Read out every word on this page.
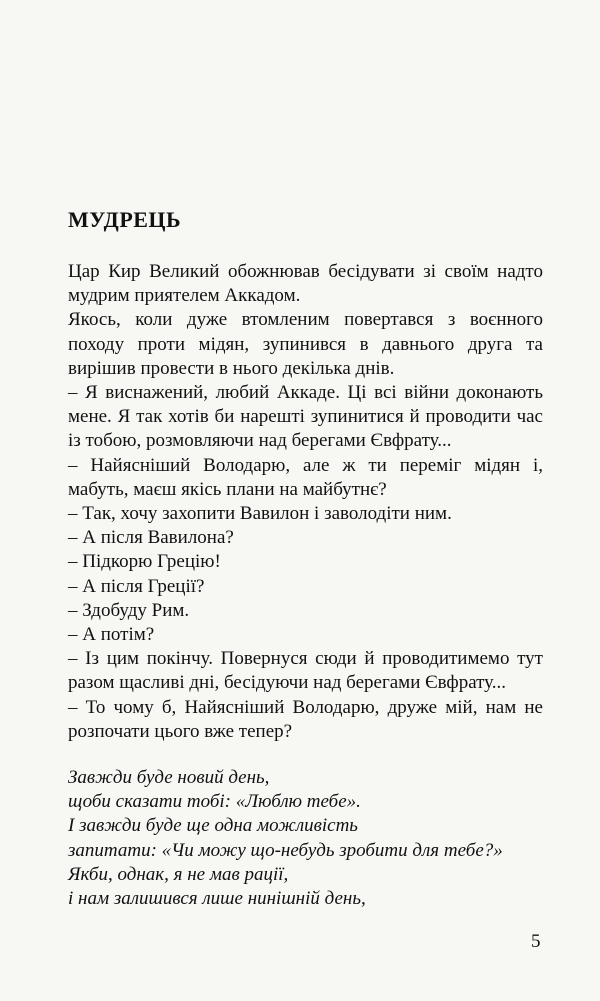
МУДРЕЦЬ

Цар Кир Великий обожнював бесідувати зі своїм надто мудрим приятелем Аккадом.

Якось, коли дуже втомленим повертався з воєнного походу проти мідян, зупинився в давнього друга та вирішив провести в нього декілька днів.

– Я виснажений, любий Аккаде. Ці всі війни доконають мене. Я так хотів би нарешті зупинитися й проводити час із тобою, розмовляючи над берегами Євфрату...

– Найясніший Володарю, але ж ти переміг мідян і, мабуть, маєш якісь плани на майбутнє?

– Так, хочу захопити Вавилон і заволодіти ним.

– А після Вавилона?

– Підкорю Грецію!

– А після Греції?

– Здобуду Рим.

– А потім?

– Із цим покінчу. Повернуся сюди й проводитимемо тут разом щасливі дні, бесідуючи над берегами Євфрату...

– То чому б, Найясніший Володарю, друже мій, нам не розпочати цього вже тепер?

Завжди буде новий день,
щоби сказати тобі: «Люблю тебе».
І завжди буде ще одна можливість
запитати: «Чи можу що-небудь зробити для тебе?»
Якби, однак, я не мав рації,
і нам залишився лише нинішній день,
5
